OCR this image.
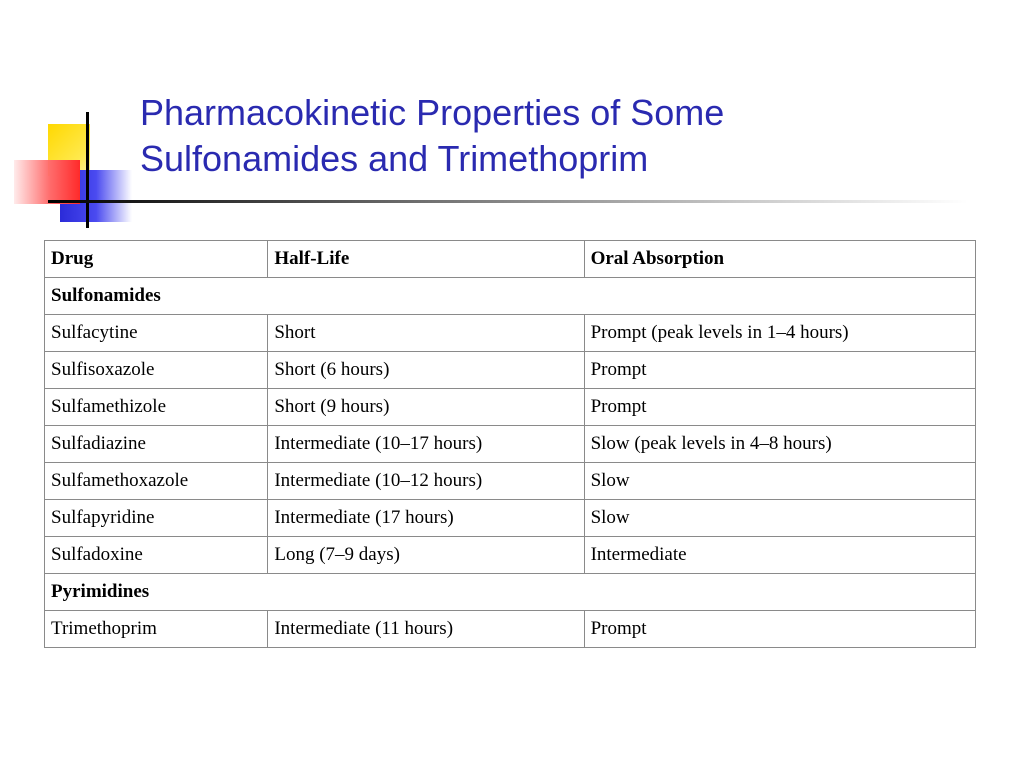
Pharmacokinetic Properties of Some
Sulfonamides and Trimethoprim
Drug	Half-Life	Oral Absorption
Sulfonamides		
Sulfacytine	Short	Prompt (peak levels in 1–4 hours)
Sulfisoxazole	Short (6 hours)	Prompt
Sulfamethizole	Short (9 hours)	Prompt
Sulfadiazine	Intermediate (10–17 hours)	Slow (peak levels in 4–8 hours)
Sulfamethoxazole	Intermediate (10–12 hours)	Slow
Sulfapyridine	Intermediate (17 hours)	Slow
Sulfadoxine	Long (7–9 days)	Intermediate
Pyrimidines		
Trimethoprim	Intermediate (11 hours)	Prompt
